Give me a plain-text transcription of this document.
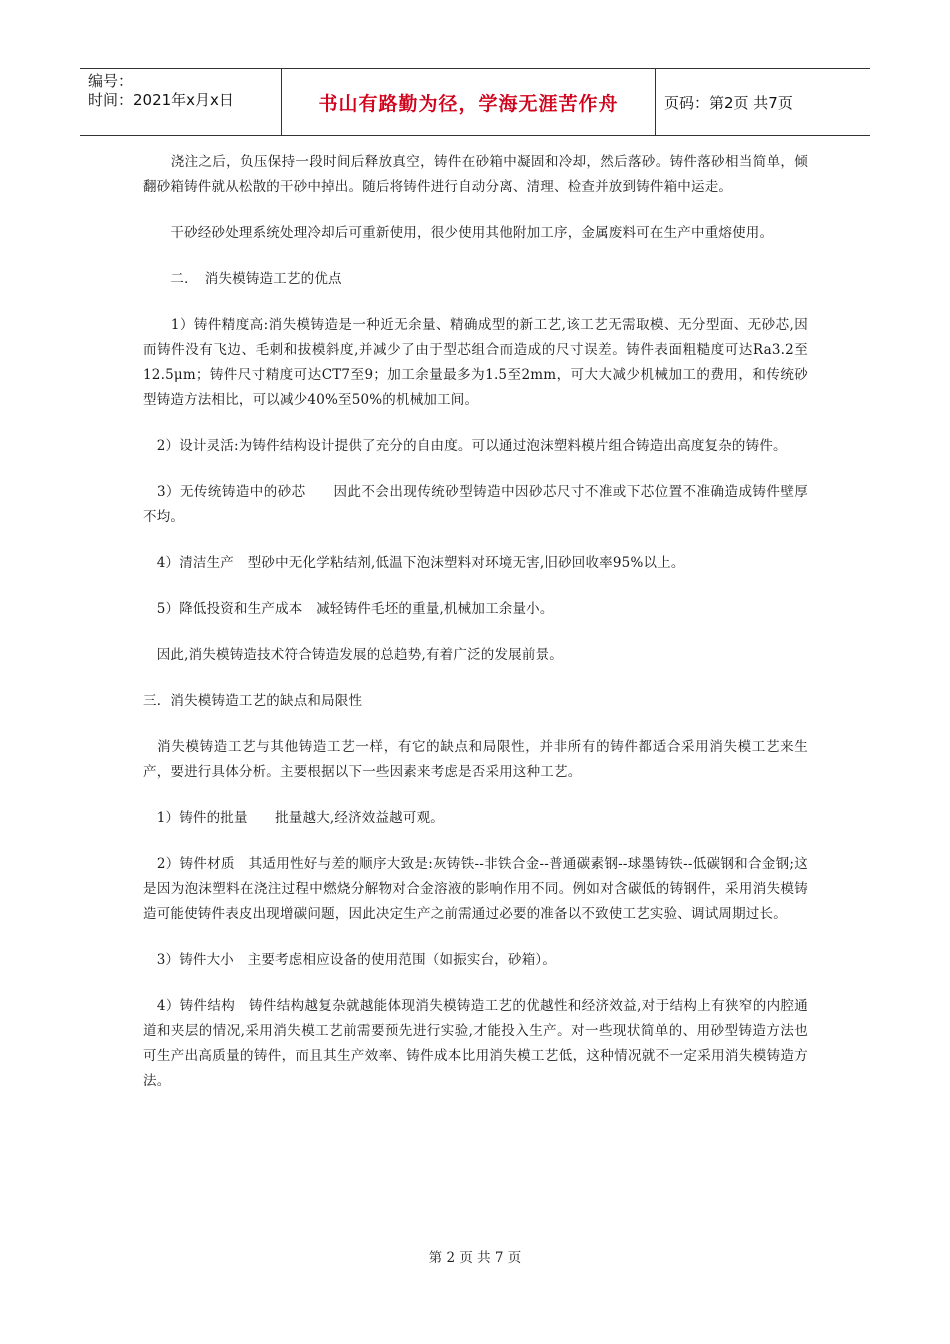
编号：
时间：2021年x月x日	书山有路勤为径，学海无涯苦作舟	页码：第2页 共7页

　　浇注之后，负压保持一段时间后释放真空，铸件在砂箱中凝固和冷却，然后落砂。铸件落砂相当简单，倾翻砂箱铸件就从松散的干砂中掉出。随后将铸件进行自动分离、清理、检查并放到铸件箱中运走。

　　干砂经砂处理系统处理冷却后可重新使用，很少使用其他附加工序，金属废料可在生产中重熔使用。

　　二．　消失模铸造工艺的优点

　　1）铸件精度高:消失模铸造是一种近无余量、精确成型的新工艺,该工艺无需取模、无分型面、无砂芯,因而铸件没有飞边、毛刺和拔模斜度,并减少了由于型芯组合而造成的尺寸误差。铸件表面粗糙度可达Ra3.2至12.5μm；铸件尺寸精度可达CT7至9；加工余量最多为1.5至2mm，可大大减少机械加工的费用，和传统砂型铸造方法相比，可以减少40%至50%的机械加工间。

　2）设计灵活:为铸件结构设计提供了充分的自由度。可以通过泡沫塑料模片组合铸造出高度复杂的铸件。

　3）无传统铸造中的砂芯　　因此不会出现传统砂型铸造中因砂芯尺寸不准或下芯位置不准确造成铸件壁厚不均。

　4）清洁生产　型砂中无化学粘结剂,低温下泡沫塑料对环境无害,旧砂回收率95%以上。

　5）降低投资和生产成本　减轻铸件毛坯的重量,机械加工余量小。

　因此,消失模铸造技术符合铸造发展的总趋势,有着广泛的发展前景。

三．消失模铸造工艺的缺点和局限性

　消失模铸造工艺与其他铸造工艺一样，有它的缺点和局限性，并非所有的铸件都适合采用消失模工艺来生产，要进行具体分析。主要根据以下一些因素来考虑是否采用这种工艺。

　1）铸件的批量　　批量越大,经济效益越可观。

　2）铸件材质　其适用性好与差的顺序大致是:灰铸铁--非铁合金--普通碳素钢--球墨铸铁--低碳钢和合金钢;这是因为泡沫塑料在浇注过程中燃烧分解物对合金溶液的影响作用不同。例如对含碳低的铸钢件，采用消失模铸造可能使铸件表皮出现增碳问题，因此决定生产之前需通过必要的准备以不致使工艺实验、调试周期过长。

　3）铸件大小　主要考虑相应设备的使用范围（如振实台，砂箱）。

　4）铸件结构　铸件结构越复杂就越能体现消失模铸造工艺的优越性和经济效益,对于结构上有狭窄的内腔通道和夹层的情况,采用消失模工艺前需要预先进行实验,才能投入生产。对一些现状简单的、用砂型铸造方法也可生产出高质量的铸件，而且其生产效率、铸件成本比用消失模工艺低，这种情况就不一定采用消失模铸造方法。

第 2 页 共 7 页
